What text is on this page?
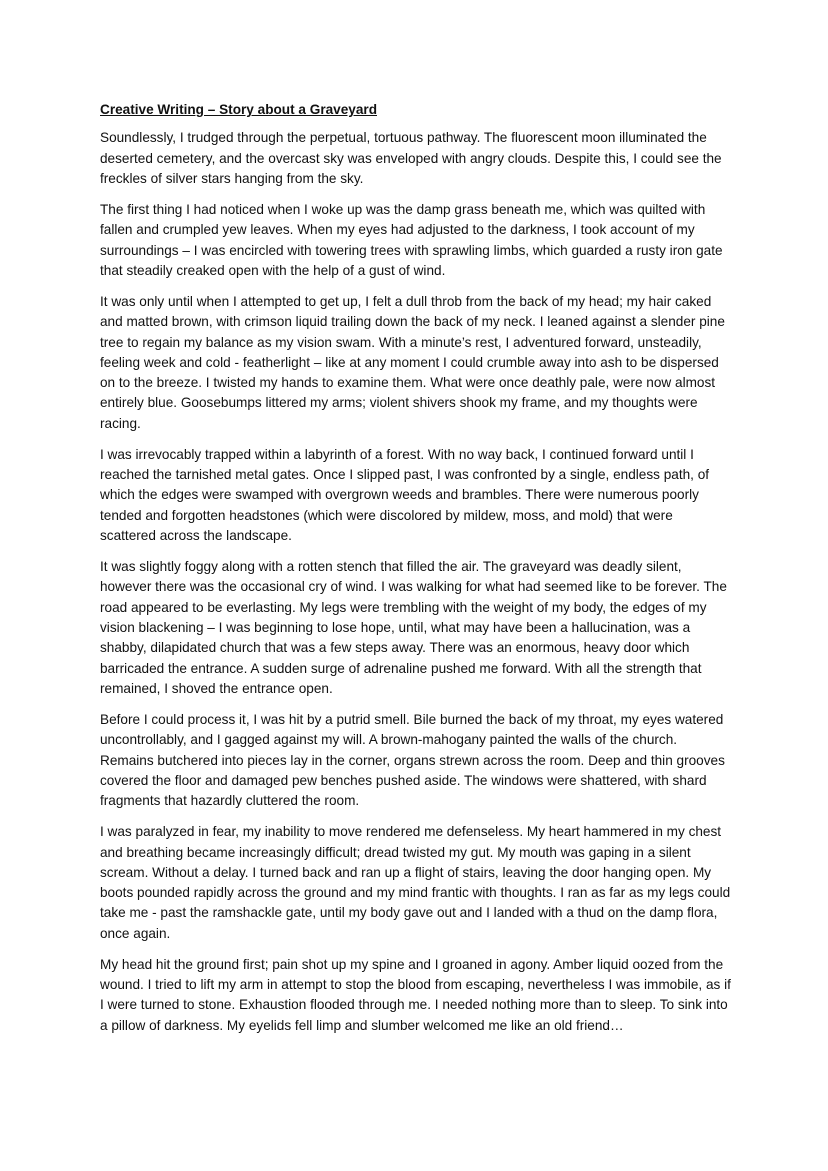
Creative Writing – Story about a Graveyard

Soundlessly, I trudged through the perpetual, tortuous pathway. The fluorescent moon illuminated the deserted cemetery, and the overcast sky was enveloped with angry clouds. Despite this, I could see the freckles of silver stars hanging from the sky.

The first thing I had noticed when I woke up was the damp grass beneath me, which was quilted with fallen and crumpled yew leaves. When my eyes had adjusted to the darkness, I took account of my surroundings – I was encircled with towering trees with sprawling limbs, which guarded a rusty iron gate that steadily creaked open with the help of a gust of wind.

It was only until when I attempted to get up, I felt a dull throb from the back of my head; my hair caked and matted brown, with crimson liquid trailing down the back of my neck. I leaned against a slender pine tree to regain my balance as my vision swam. With a minute’s rest, I adventured forward, unsteadily, feeling week and cold - featherlight – like at any moment I could crumble away into ash to be dispersed on to the breeze. I twisted my hands to examine them. What were once deathly pale, were now almost entirely blue. Goosebumps littered my arms; violent shivers shook my frame, and my thoughts were racing.

I was irrevocably trapped within a labyrinth of a forest. With no way back, I continued forward until I reached the tarnished metal gates. Once I slipped past, I was confronted by a single, endless path, of which the edges were swamped with overgrown weeds and brambles. There were numerous poorly tended and forgotten headstones (which were discolored by mildew, moss, and mold) that were scattered across the landscape.

It was slightly foggy along with a rotten stench that filled the air. The graveyard was deadly silent, however there was the occasional cry of wind. I was walking for what had seemed like to be forever. The road appeared to be everlasting. My legs were trembling with the weight of my body, the edges of my vision blackening – I was beginning to lose hope, until, what may have been a hallucination, was a shabby, dilapidated church that was a few steps away. There was an enormous, heavy door which barricaded the entrance. A sudden surge of adrenaline pushed me forward. With all the strength that remained, I shoved the entrance open.

Before I could process it, I was hit by a putrid smell. Bile burned the back of my throat, my eyes watered uncontrollably, and I gagged against my will. A brown-mahogany painted the walls of the church. Remains butchered into pieces lay in the corner, organs strewn across the room. Deep and thin grooves covered the floor and damaged pew benches pushed aside. The windows were shattered, with shard fragments that hazardly cluttered the room.

I was paralyzed in fear, my inability to move rendered me defenseless. My heart hammered in my chest and breathing became increasingly difficult; dread twisted my gut. My mouth was gaping in a silent scream. Without a delay. I turned back and ran up a flight of stairs, leaving the door hanging open. My boots pounded rapidly across the ground and my mind frantic with thoughts. I ran as far as my legs could take me - past the ramshackle gate, until my body gave out and I landed with a thud on the damp flora, once again.

My head hit the ground first; pain shot up my spine and I groaned in agony. Amber liquid oozed from the wound. I tried to lift my arm in attempt to stop the blood from escaping, nevertheless I was immobile, as if I were turned to stone. Exhaustion flooded through me. I needed nothing more than to sleep. To sink into a pillow of darkness. My eyelids fell limp and slumber welcomed me like an old friend…
